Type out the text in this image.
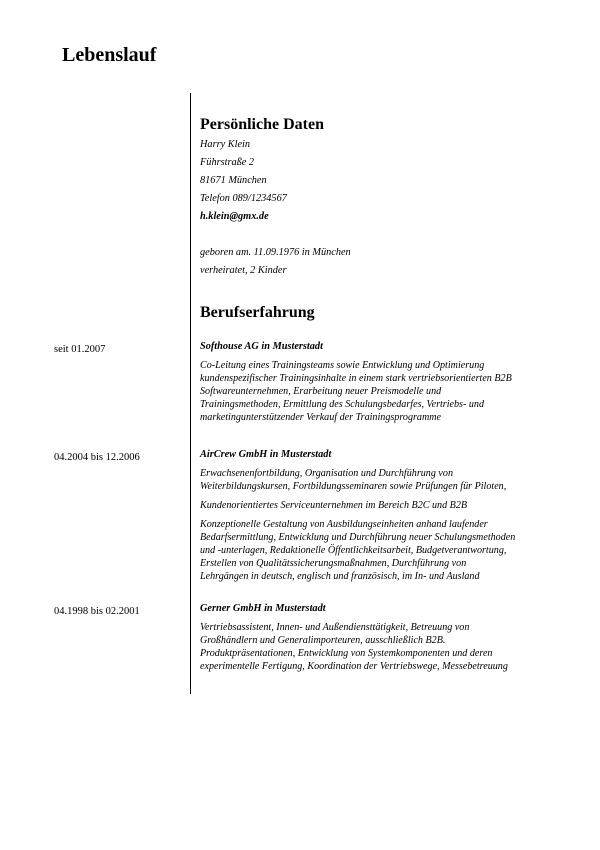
Lebenslauf
Persönliche Daten
Harry Klein
Führstraße 2
81671 München
Telefon 089/1234567
h.klein@gmx.de
geboren am. 11.09.1976 in München
verheiratet, 2 Kinder
Berufserfahrung
seit 01.2007	Softhouse AG in Musterstadt
Co-Leitung eines Trainingsteams sowie Entwicklung und Optimierung
kundenspezifischer Trainingsinhalte in einem stark vertriebsorientierten B2B
Softwareunternehmen, Erarbeitung neuer Preismodelle und
Trainingsmethoden, Ermittlung des Schulungsbedarfes, Vertriebs- und
marketingunterstützender Verkauf der Trainingsprogramme
04.2004 bis 12.2006	AirCrew GmbH in Musterstadt
Erwachsenenfortbildung, Organisation und Durchführung von
Weiterbildungskursen, Fortbildungsseminaren sowie Prüfungen für Piloten,
Kundenorientiertes Serviceunternehmen im Bereich B2C und B2B
Konzeptionelle Gestaltung von Ausbildungseinheiten anhand laufender
Bedarfsermittlung, Entwicklung und Durchführung neuer Schulungsmethoden
und -unterlagen, Redaktionelle Öffentlichkeitsarbeit, Budgetverantwortung,
Erstellen von Qualitätssicherungsmaßnahmen, Durchführung von
Lehrgängen in deutsch, englisch und französisch, im In- und Ausland
04.1998 bis 02.2001	Gerner GmbH in Musterstadt
Vertriebsassistent, Innen- und Außendiensttätigkeit, Betreuung von
Großhändlern und Generalimporteuren, ausschließlich B2B.
Produktpräsentationen, Entwicklung von Systemkomponenten und deren
experimentelle Fertigung, Koordination der Vertriebswege, Messebetreuung
